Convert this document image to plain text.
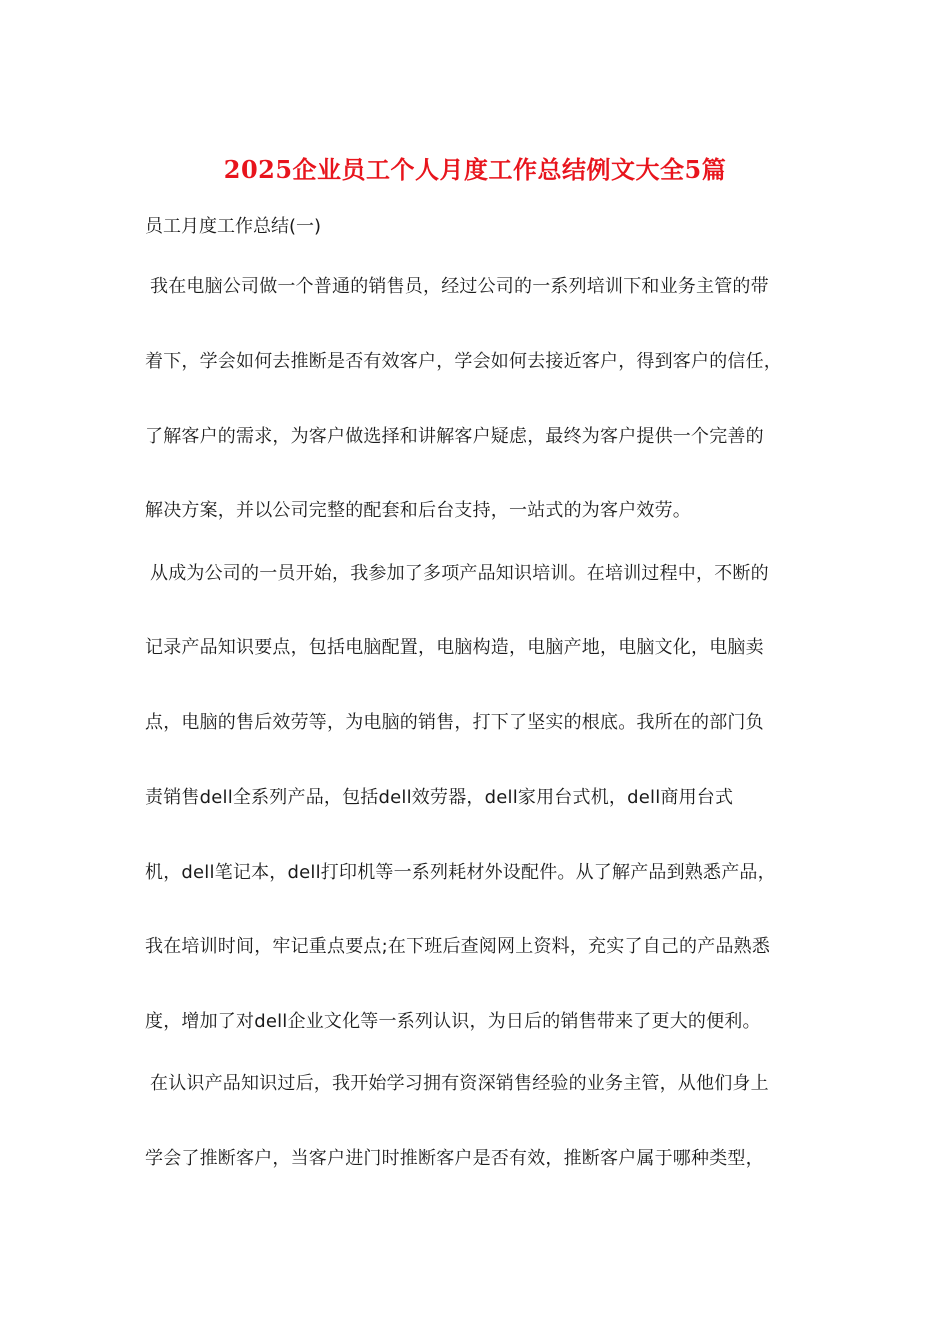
2025企业员工个人月度工作总结例文大全5篇
员工月度工作总结(一)
我在电脑公司做一个普通的销售员，经过公司的一系列培训下和业务主管的带
着下，学会如何去推断是否有效客户，学会如何去接近客户，得到客户的信任，
了解客户的需求，为客户做选择和讲解客户疑虑，最终为客户提供一个完善的
解决方案，并以公司完整的配套和后台支持，一站式的为客户效劳。
从成为公司的一员开始，我参加了多项产品知识培训。在培训过程中，不断的
记录产品知识要点，包括电脑配置，电脑构造，电脑产地，电脑文化，电脑卖
点，电脑的售后效劳等，为电脑的销售，打下了坚实的根底。我所在的部门负
责销售dell全系列产品，包括dell效劳器，dell家用台式机，dell商用台式
机，dell笔记本，dell打印机等一系列耗材外设配件。从了解产品到熟悉产品，
我在培训时间，牢记重点要点;在下班后查阅网上资料，充实了自己的产品熟悉
度，增加了对dell企业文化等一系列认识，为日后的销售带来了更大的便利。
在认识产品知识过后，我开始学习拥有资深销售经验的业务主管，从他们身上
学会了推断客户，当客户进门时推断客户是否有效，推断客户属于哪种类型，
